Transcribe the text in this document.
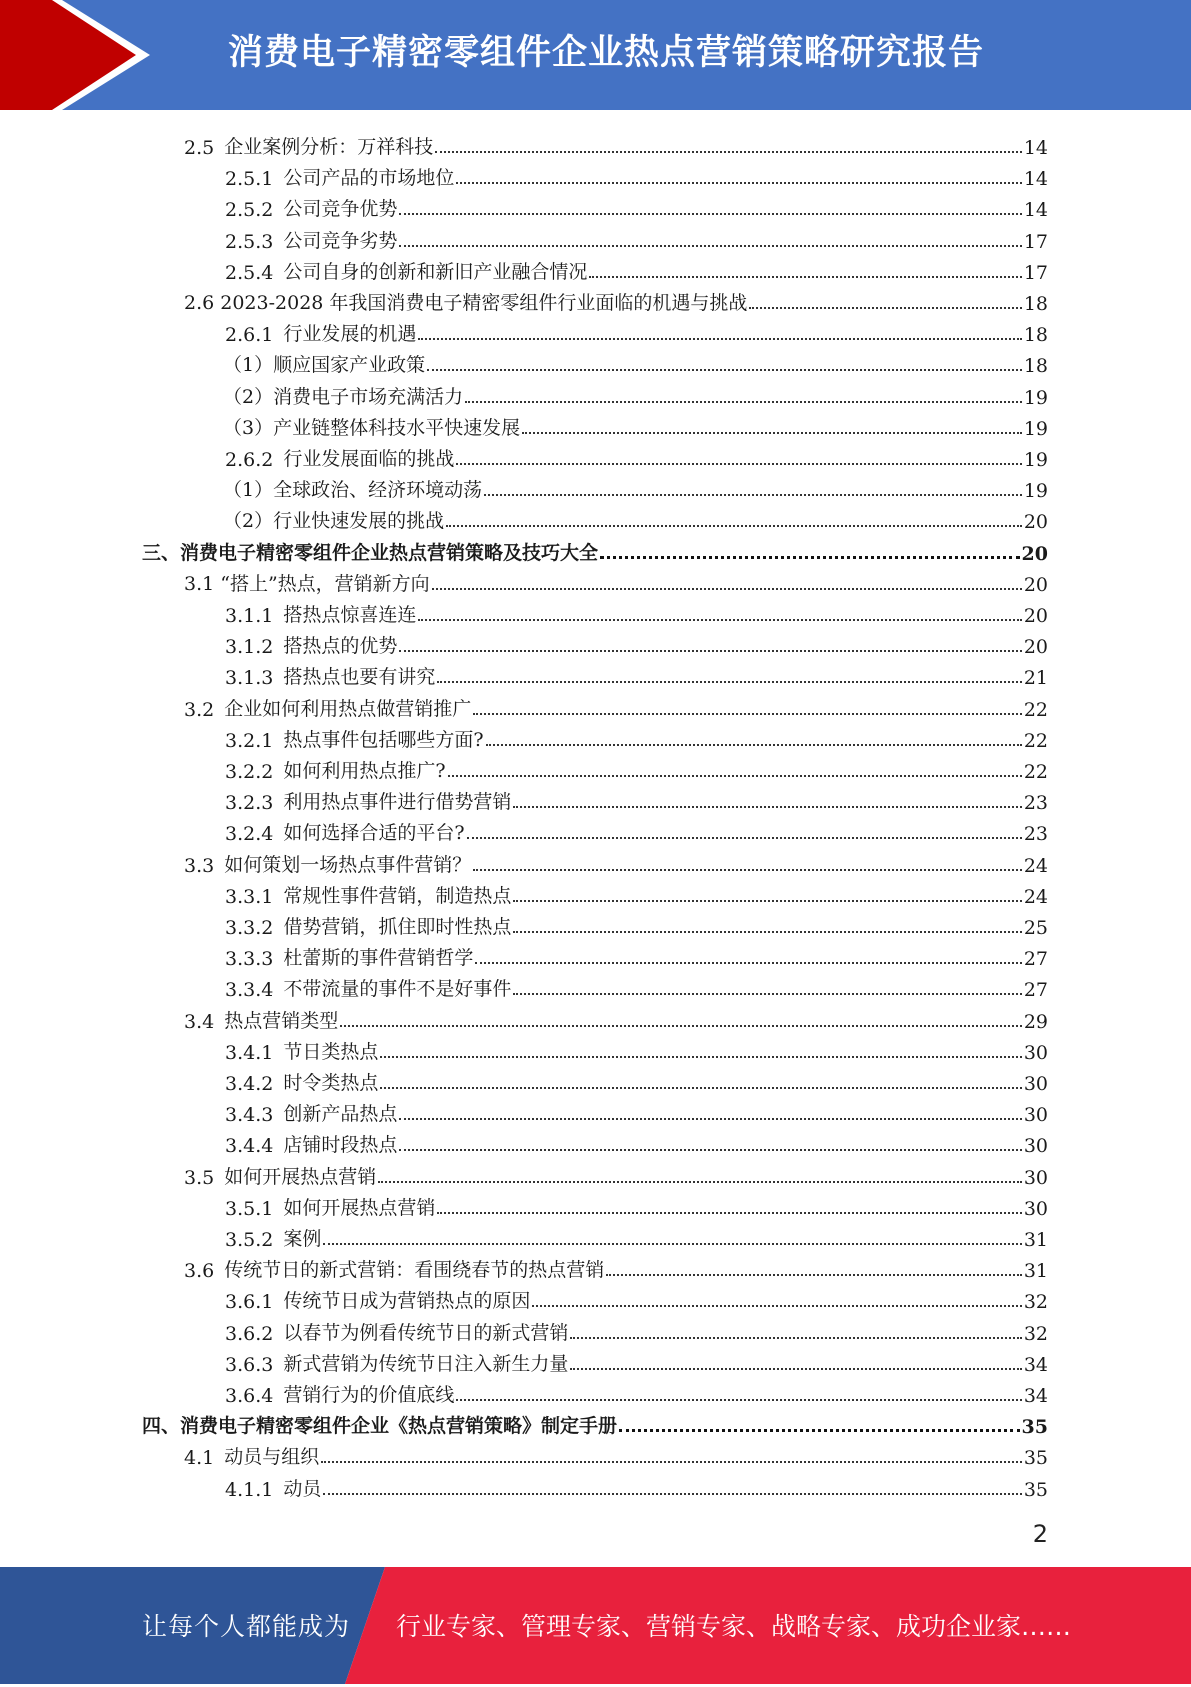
消费电子精密零组件企业热点营销策略研究报告
2.5 企业案例分析：万祥科技	14
2.5.1 公司产品的市场地位	14
2.5.2 公司竞争优势	14
2.5.3 公司竞争劣势	17
2.5.4 公司自身的创新和新旧产业融合情况	17
2.6 2023-2028 年我国消费电子精密零组件行业面临的机遇与挑战	18
2.6.1 行业发展的机遇	18
（1）顺应国家产业政策	18
（2）消费电子市场充满活力	19
（3）产业链整体科技水平快速发展	19
2.6.2 行业发展面临的挑战	19
（1）全球政治、经济环境动荡	19
（2）行业快速发展的挑战	20
三、消费电子精密零组件企业热点营销策略及技巧大全	20
3.1 “搭上”热点，营销新方向	20
3.1.1 搭热点惊喜连连	20
3.1.2 搭热点的优势	20
3.1.3 搭热点也要有讲究	21
3.2 企业如何利用热点做营销推广	22
3.2.1 热点事件包括哪些方面?	22
3.2.2 如何利用热点推广?	22
3.2.3 利用热点事件进行借势营销	23
3.2.4 如何选择合适的平台?	23
3.3 如何策划一场热点事件营销？	24
3.3.1 常规性事件营销，制造热点	24
3.3.2 借势营销，抓住即时性热点	25
3.3.3 杜蕾斯的事件营销哲学	27
3.3.4 不带流量的事件不是好事件	27
3.4 热点营销类型	29
3.4.1 节日类热点	30
3.4.2 时令类热点	30
3.4.3 创新产品热点	30
3.4.4 店铺时段热点	30
3.5 如何开展热点营销	30
3.5.1 如何开展热点营销	30
3.5.2 案例	31
3.6 传统节日的新式营销：看围绕春节的热点营销	31
3.6.1 传统节日成为营销热点的原因	32
3.6.2 以春节为例看传统节日的新式营销	32
3.6.3 新式营销为传统节日注入新生力量	34
3.6.4 营销行为的价值底线	34
四、消费电子精密零组件企业《热点营销策略》制定手册	35
4.1 动员与组织	35
4.1.1 动员	35
2
让每个人都能成为 行业专家、管理专家、营销专家、战略专家、成功企业家……
